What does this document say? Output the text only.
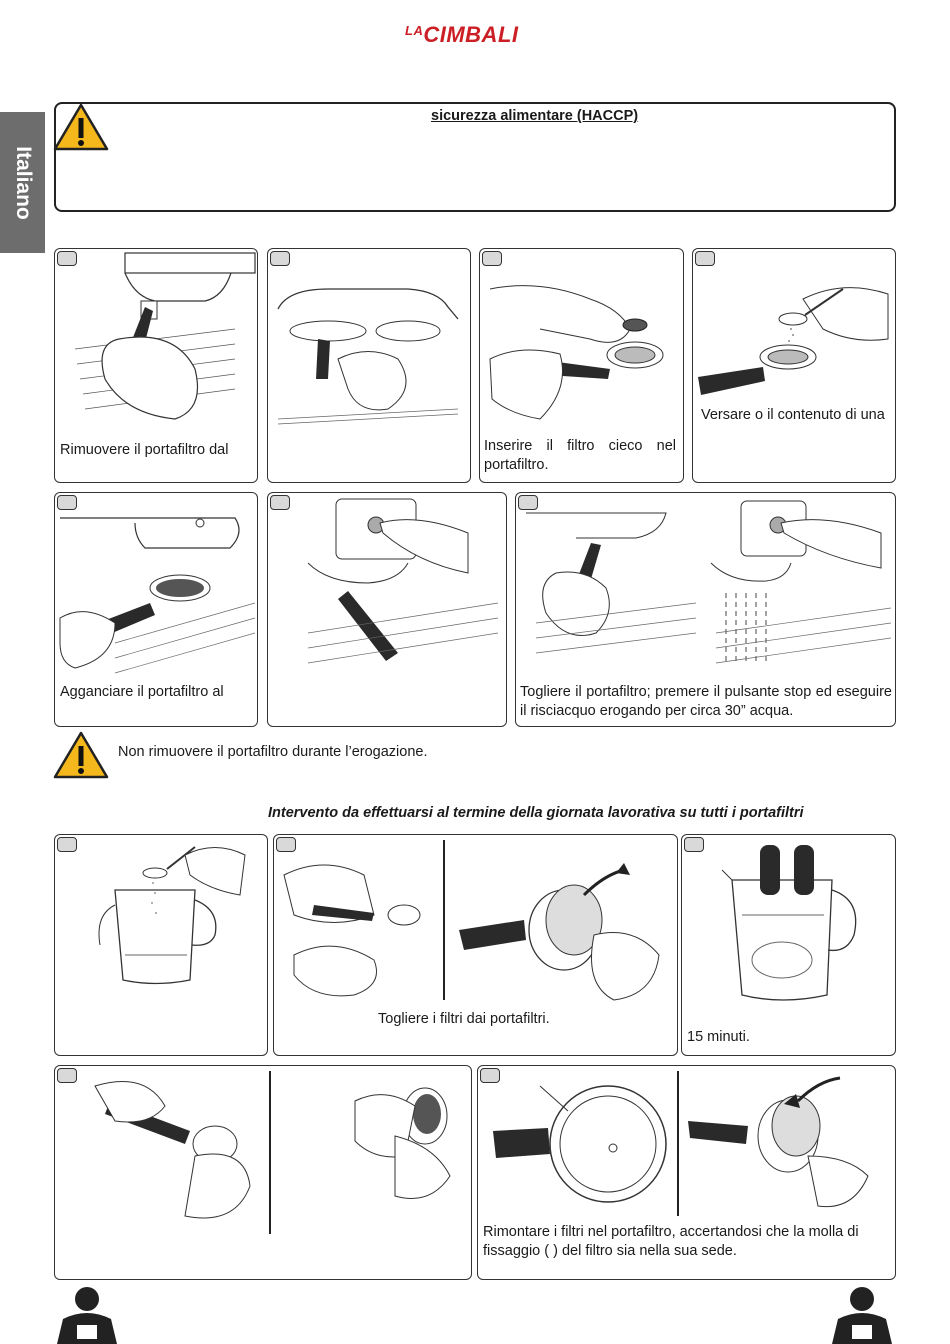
$^{LA}$CIMBALI
Italiano
sicurezza alimentare (HACCP)
Rimuovere il portafiltro dal	Inserire il filtro cieco nel portafiltro.
Versare o il contenuto di una
Agganciare il portafiltro al	Togliere il portafiltro; premere il pulsante stop ed eseguire il risciacquo erogando per circa 30” acqua.
Non rimuovere il portafiltro durante l’erogazione.
Intervento da effettuarsi al termine della giornata lavorativa su tutti i portafiltri
Togliere i filtri dai portafiltri.
15 minuti.
Rimontare i filtri nel portafiltro, accertandosi che la molla di fissaggio ( ) del filtro sia nella sua sede.
